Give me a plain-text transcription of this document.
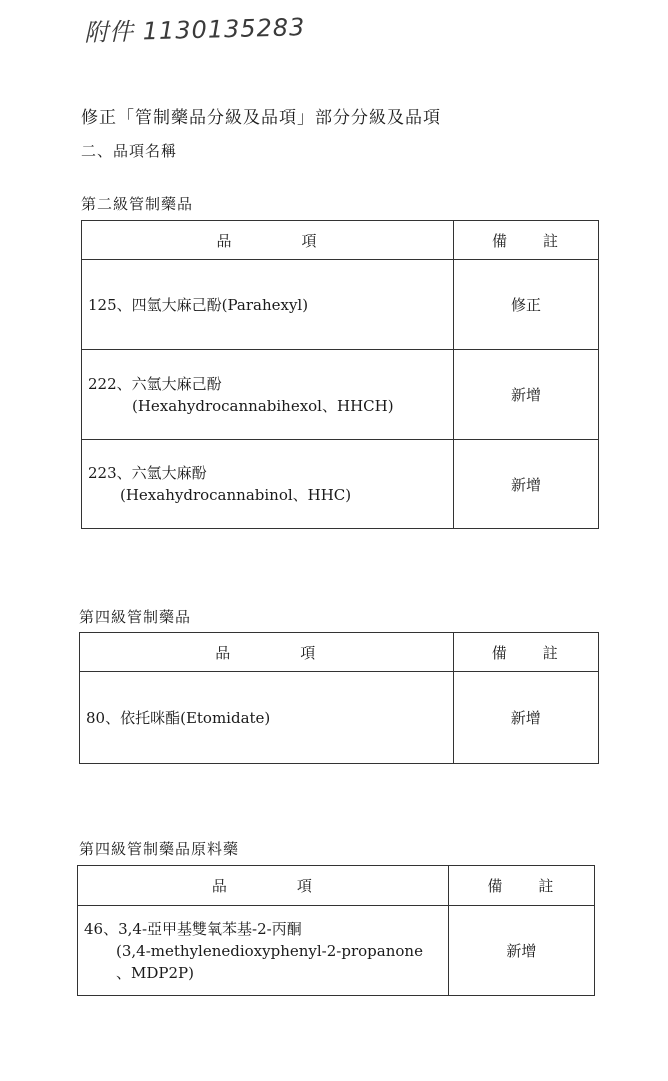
附件 1130135283
修正「管制藥品分級及品項」部分分級及品項
二、品項名稱
第二級管制藥品
品　　　　項	備　　註
125、四氫大麻己酚(Parahexyl)	修正
222、六氫大麻己酚
(Hexahydrocannabihexol、HHCH)	新增
223、六氫大麻酚
(Hexahydrocannabinol、HHC)	新增
第四級管制藥品
品　　　　項	備　　註
80、依托咪酯(Etomidate)	新增
第四級管制藥品原料藥
品　　　　項	備　　註
46、3,4-亞甲基雙氧苯基-2-丙酮
(3,4-methylenedioxyphenyl-2-propanone
、MDP2P)	新增
